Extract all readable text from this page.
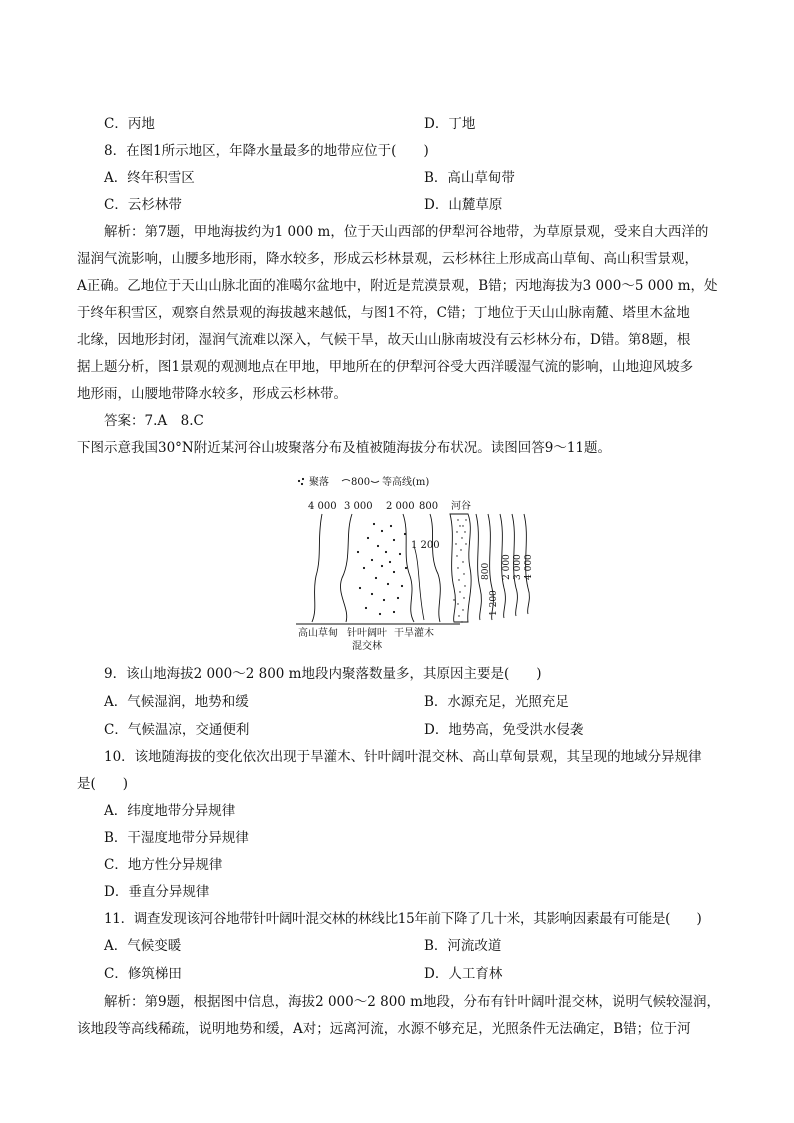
C．丙地	D．丁地
8．在图1所示地区，年降水量最多的地带应位于(　　)
A．终年积雪区	B．高山草甸带
C．云杉林带	D．山麓草原
解析：第7题，甲地海拔约为1 000 m，位于天山西部的伊犁河谷地带，为草原景观，受来自大西洋的
湿润气流影响，山腰多地形雨，降水较多，形成云杉林景观，云杉林往上形成高山草甸、高山积雪景观，
A正确。乙地位于天山山脉北面的准噶尔盆地中，附近是荒漠景观，B错；丙地海拔为3 000～5 000 m，处
于终年积雪区，观察自然景观的海拔越来越低，与图1不符，C错；丁地位于天山山脉南麓、塔里木盆地
北缘，因地形封闭，湿润气流难以深入，气候干旱，故天山山脉南坡没有云杉林分布，D错。第8题，根
据上题分析，图1景观的观测地点在甲地，甲地所在的伊犁河谷受大西洋暖湿气流的影响，山地迎风坡多
地形雨，山腰地带降水较多，形成云杉林带。
答案：7.A　8.C
下图示意我国30°N附近某河谷山坡聚落分布及植被随海拔分布状况。读图回答9～11题。
聚落 800 等高线(m)
4 000 3 000 2 000 800 河谷
1 200
800
1 200
2 000 3 000 4 000
高山草甸 针叶阔叶 干旱灌木
混交林
9．该山地海拔2 000～2 800 m地段内聚落数量多，其原因主要是(　　)
A．气候湿润，地势和缓	B．水源充足，光照充足
C．气候温凉，交通便利	D．地势高，免受洪水侵袭
10．该地随海拔的变化依次出现于旱灌木、针叶阔叶混交林、高山草甸景观，其呈现的地域分异规律
是(　　)
A．纬度地带分异规律
B．干湿度地带分异规律
C．地方性分异规律
D．垂直分异规律
11．调查发现该河谷地带针叶阔叶混交林的林线比15年前下降了几十米，其影响因素最有可能是(　　)
A．气候变暖	B．河流改道
C．修筑梯田	D．人工育林
解析：第9题，根据图中信息，海拔2 000～2 800 m地段，分布有针叶阔叶混交林，说明气候较湿润，
该地段等高线稀疏，说明地势和缓，A对；远离河流，水源不够充足，光照条件无法确定，B错；位于河
